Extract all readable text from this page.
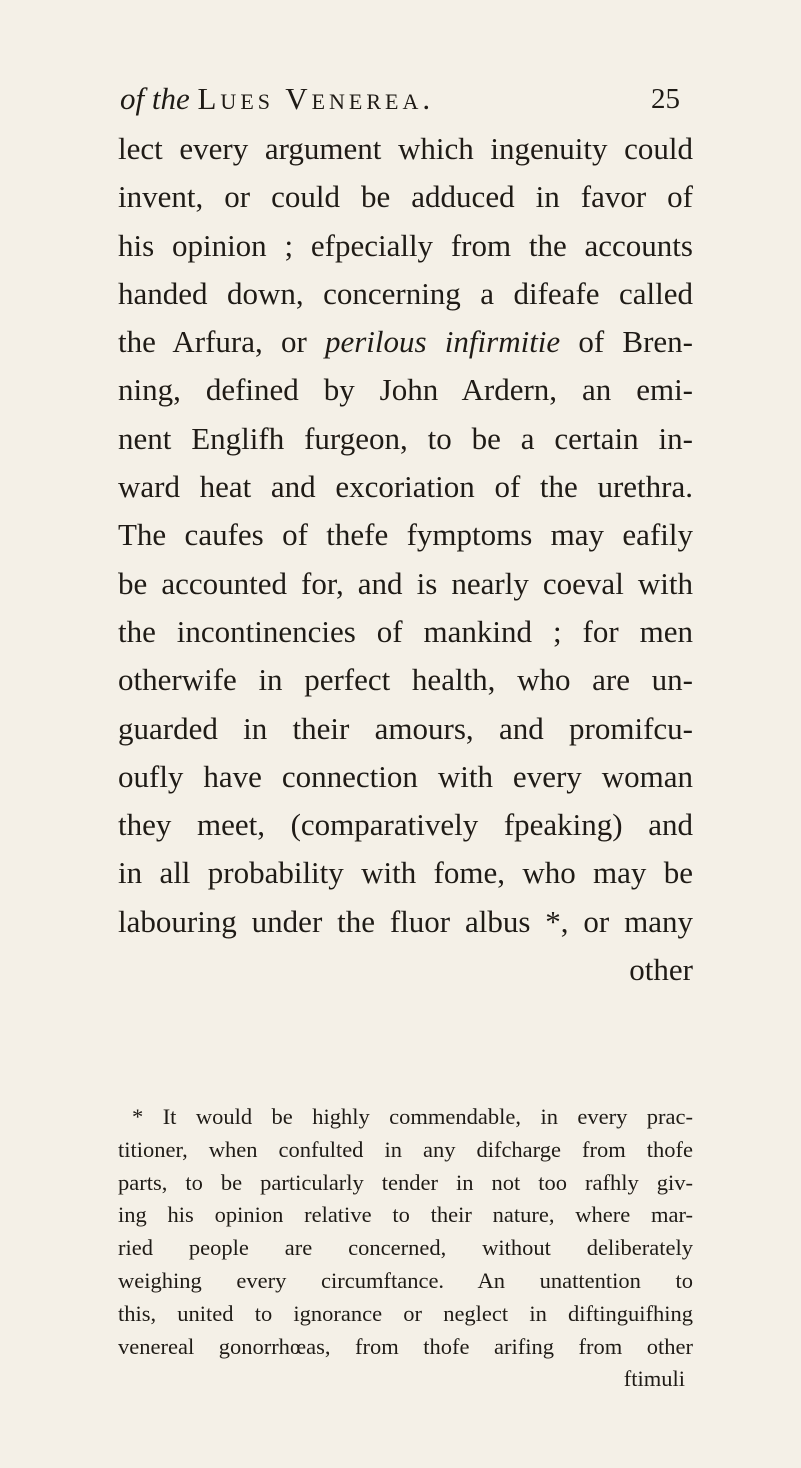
of the Lues Venerea.	25
lect every argument which ingenuity could
invent, or could be adduced in favor of
his opinion ; efpecially from the accounts
handed down, concerning a difeafe called
the Arfura, or perilous infirmitie of Bren-
ning, defined by John Ardern, an emi-
nent Englifh furgeon, to be a certain in-
ward heat and excoriation of the urethra.
The caufes of thefe fymptoms may eafily
be accounted for, and is nearly coeval with
the incontinencies of mankind ; for men
otherwife in perfect health, who are un-
guarded in their amours, and promifcu-
oufly have connection with every woman
they meet, (comparatively fpeaking) and
in all probability with fome, who may be
labouring under the fluor albus *, or many
other
* It would be highly commendable, in every prac-
titioner, when confulted in any difcharge from thofe
parts, to be particularly tender in not too rafhly giv-
ing his opinion relative to their nature, where mar-
ried people are concerned, without deliberately
weighing every circumftance. An unattention to
this, united to ignorance or neglect in diftinguifhing
venereal gonorrhœas, from thofe arifing from other
ftimuli
